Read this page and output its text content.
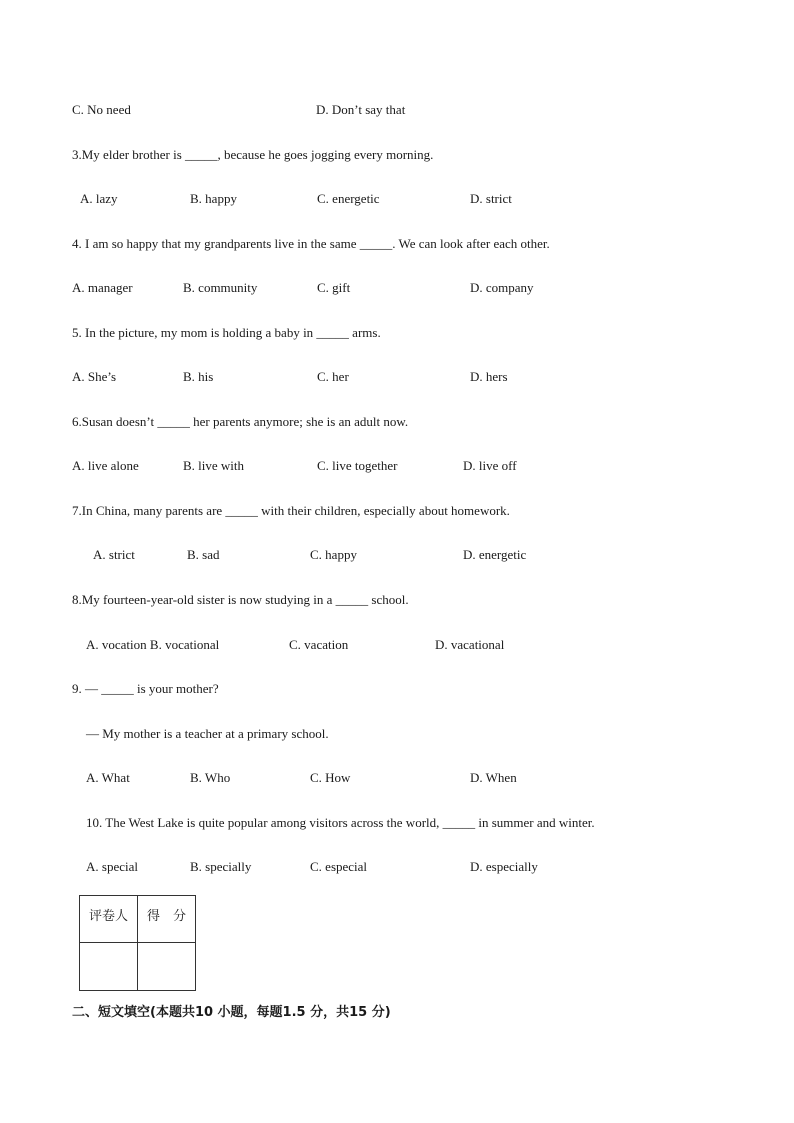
C. No need	D. Don’t say that
3.My elder brother is _____, because he goes jogging every morning.
A. lazy	B. happy	C. energetic	D. strict
4. I am so happy that my grandparents live in the same _____. We can look after each other.
A. manager	B. community	C. gift	D. company
5. In the picture, my mom is holding a baby in _____ arms.
A. She’s	B. his	C. her	D. hers
6.Susan doesn’t _____ her parents anymore; she is an adult now.
A. live alone	B. live with	C. live together	D. live off
7.In China, many parents are _____ with their children, especially about homework.
A. strict	B. sad	C. happy	D. energetic
8.My fourteen-year-old sister is now studying in a _____ school.
A. vocation B. vocational	C. vacation	D. vacational
9. — _____ is your mother?
— My mother is a teacher at a primary school.
A. What	B. Who	C. How	D. When
10. The West Lake is quite popular among visitors across the world, _____ in summer and winter.
A. special	B. specially	C. especial	D. especially
评卷人	得　分

二、短文填空(本题共10 小题，每题1.5 分，共15 分)
